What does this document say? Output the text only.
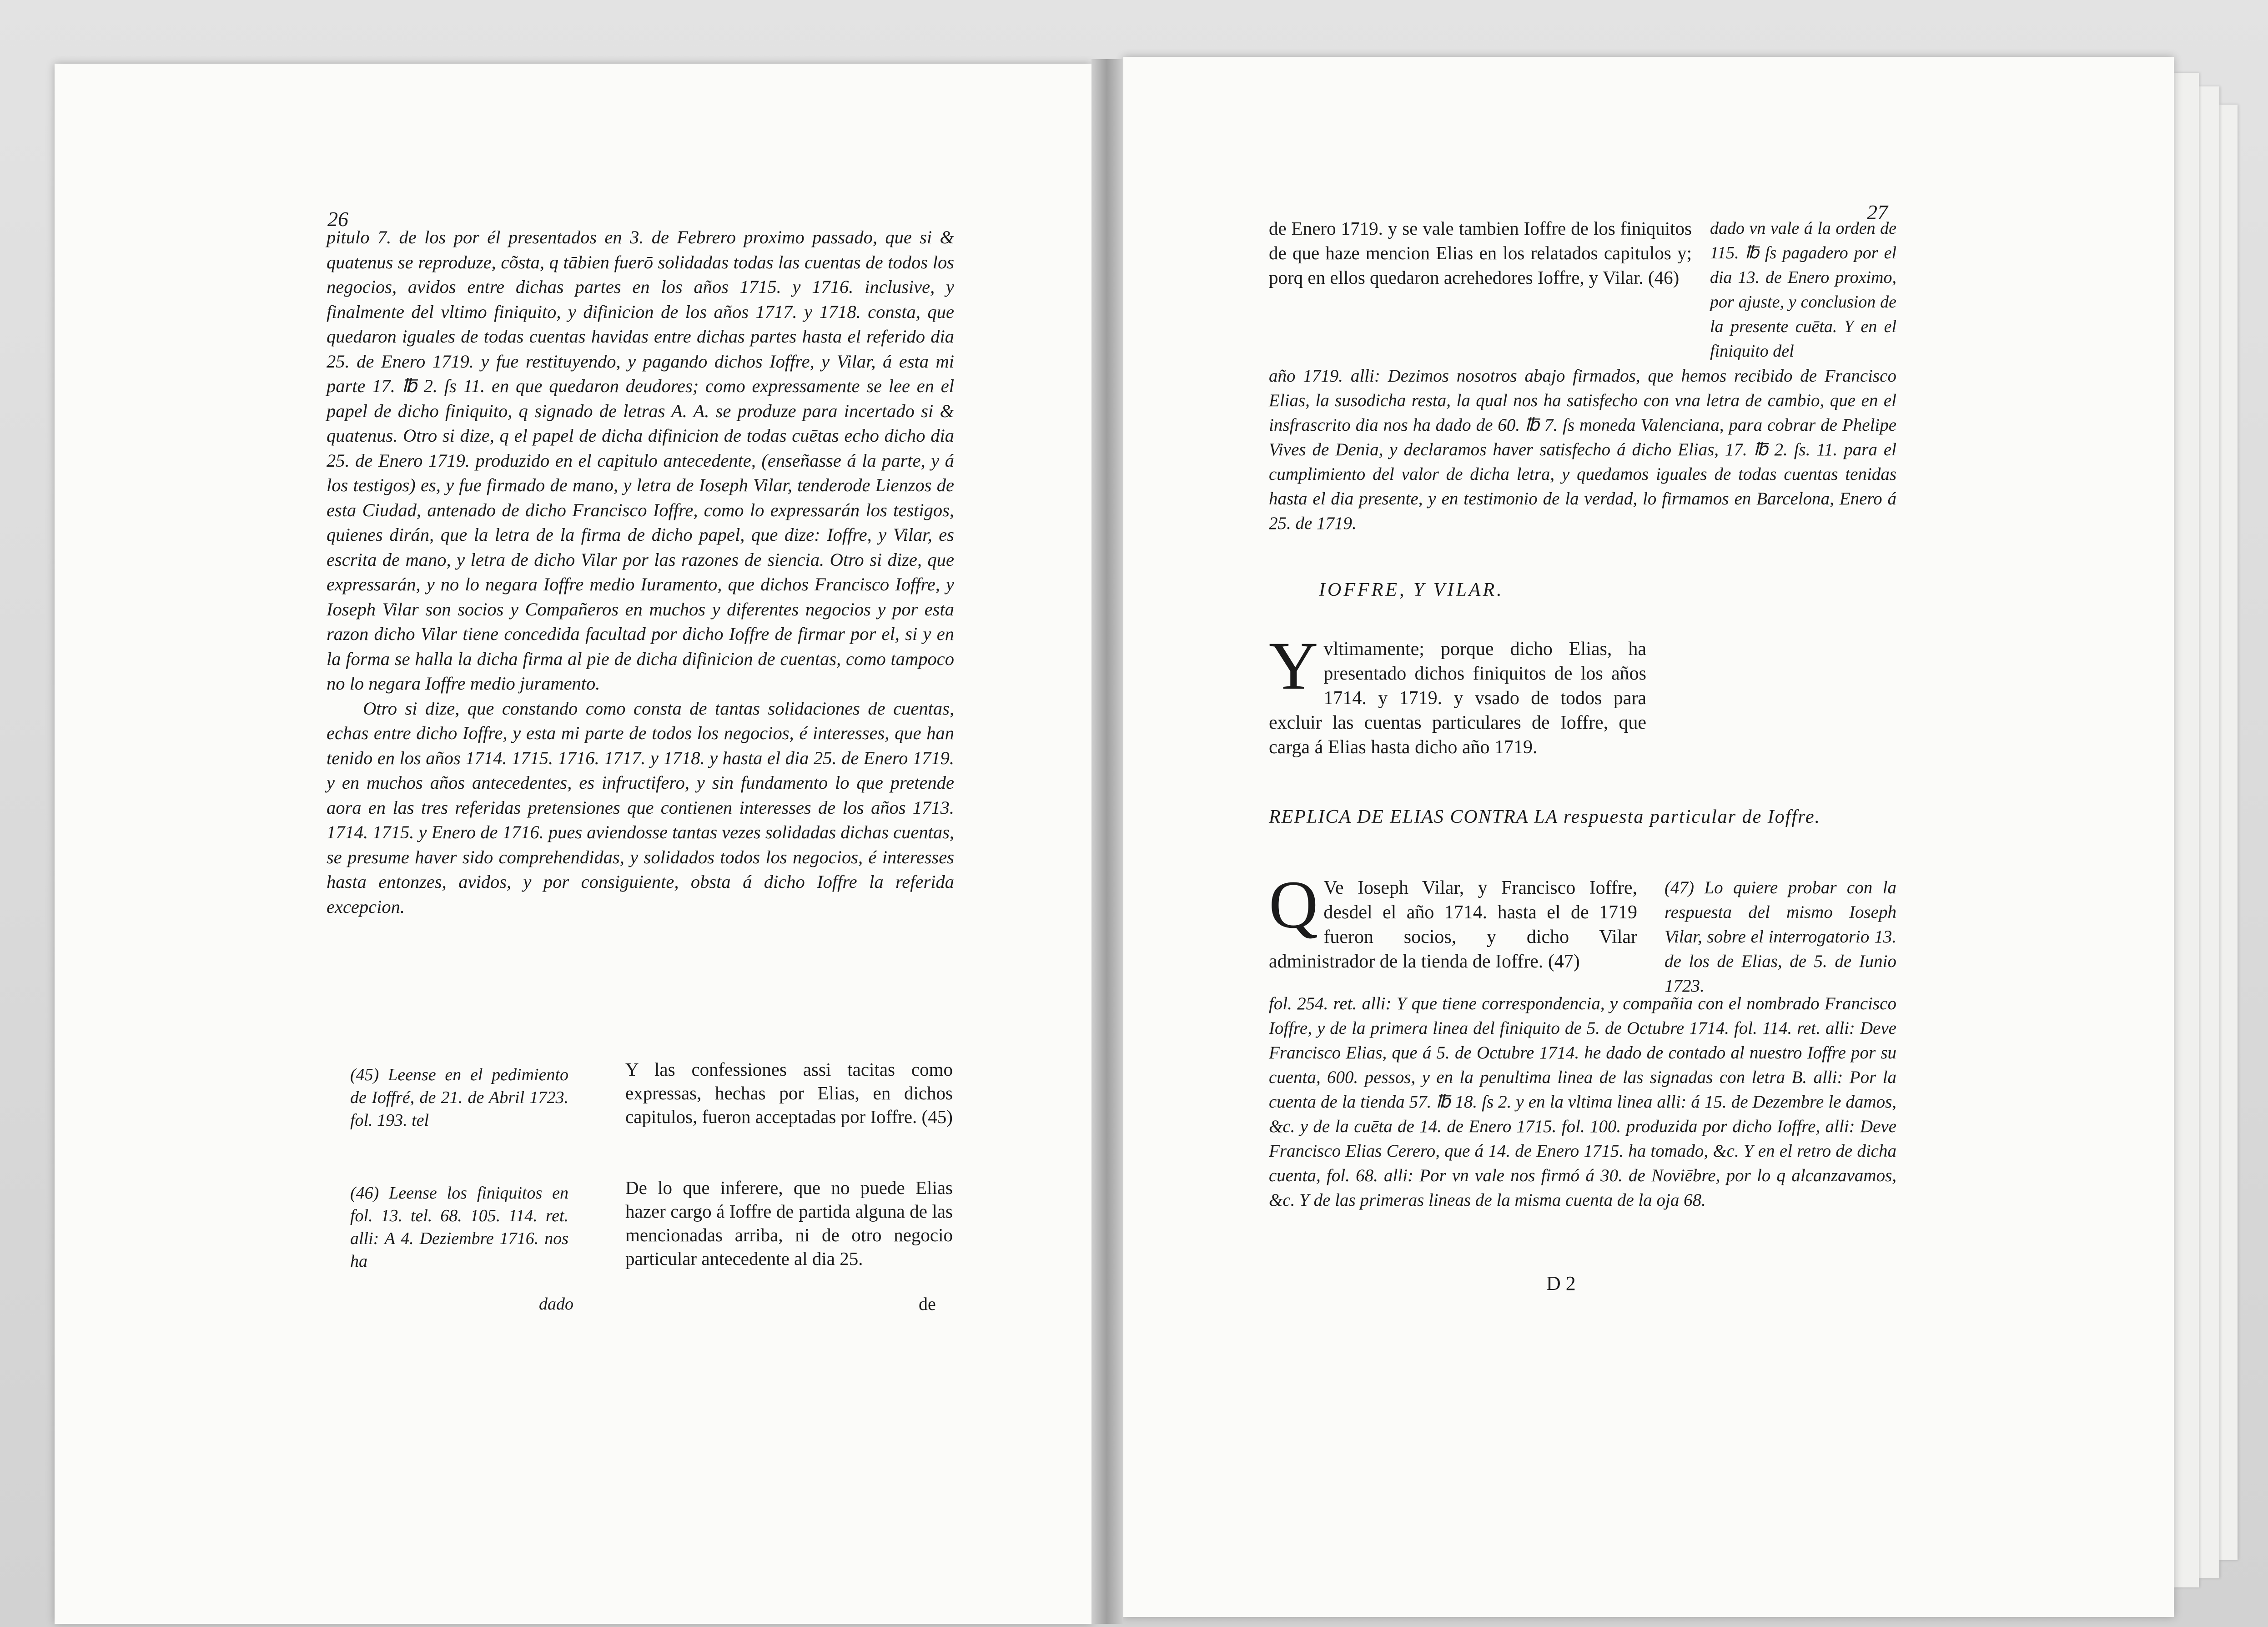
26

pitulo 7. de los por él presentados en 3. de Febrero proximo passado, que si & quatenus se reproduze, cõsta, q tābien fuerō solidadas todas las cuentas de todos los negocios, avidos entre dichas partes en los años 1715. y 1716. inclusive, y finalmente del vltimo finiquito, y difinicion de los años 1717. y 1718. consta, que quedaron iguales de todas cuentas havidas entre dichas partes hasta el referido dia 25. de Enero 1719. y fue restituyendo, y pagando dichos Ioffre, y Vilar, á esta mi parte 17. ℔ 2. ſs 11. en que quedaron deudores; como expressamente se lee en el papel de dicho finiquito, q signado de letras A. A. se produze para incertado si & quatenus. Otro si dize, q el papel de dicha difinicion de todas cuētas echo dicho dia 25. de Enero 1719. produzido en el capitulo antecedente, (enseñasse á la parte, y á los testigos) es, y fue firmado de mano, y letra de Ioseph Vilar, tenderode Lienzos de esta Ciudad, antenado de dicho Francisco Ioffre, como lo expressarán los testigos, quienes dirán, que la letra de la firma de dicho papel, que dize: Ioffre, y Vilar, es escrita de mano, y letra de dicho Vilar por las razones de siencia. Otro si dize, que expressarán, y no lo negara Ioffre medio Iuramento, que dichos Francisco Ioffre, y Ioseph Vilar son socios y Compañeros en muchos y diferentes negocios y por esta razon dicho Vilar tiene concedida facultad por dicho Ioffre de firmar por el, si y en la forma se halla la dicha firma al pie de dicha difinicion de cuentas, como tampoco no lo negara Ioffre medio juramento.

Otro si dize, que constando como consta de tantas solidaciones de cuentas, echas entre dicho Ioffre, y esta mi parte de todos los negocios, é interesses, que han tenido en los años 1714. 1715. 1716. 1717. y 1718. y hasta el dia 25. de Enero 1719. y en muchos años antecedentes, es infructifero, y sin fundamento lo que pretende aora en las tres referidas pretensiones que contienen interesses de los años 1713. 1714. 1715. y Enero de 1716. pues aviendosse tantas vezes solidadas dichas cuentas, se presume haver sido comprehendidas, y solidados todos los negocios, é interesses hasta entonzes, avidos, y por consiguiente, obsta á dicho Ioffre la referida excepcion.

(45) Leense en el pedimiento de Ioffré, de 21. de Abril 1723. fol. 193. tel
Y las confessiones assi tacitas como expressas, hechas por Elias, en dichos capitulos, fueron acceptadas por Ioffre. (45)
(46) Leense los finiquitos en fol. 13. tel. 68. 105. 114. ret. alli: A 4. Deziembre 1716. nos ha
De lo que inferere, que no puede Elias hazer cargo á Ioffre de partida alguna de las mencionadas arriba, ni de otro negocio particular antecedente al dia 25.
dado	de
27
de Enero 1719. y se vale tambien Ioffre de los finiquitos de que haze mencion Elias en los relatados capitulos y; porq en ellos quedaron acrehedores Ioffre, y Vilar. (46)
dado vn vale á la orden de 115. ℔ ſs pagadero por el dia 13. de Enero proximo, por ajuste, y conclusion de la presente cuēta. Y en el finiquito del
año 1719. alli: Dezimos nosotros abajo firmados, que hemos recibido de Francisco Elias, la susodicha resta, la qual nos ha satisfecho con vna letra de cambio, que en el insfrascrito dia nos ha dado de 60. ℔ 7. ſs moneda Valenciana, para cobrar de Phelipe Vives de Denia, y declaramos haver satisfecho á dicho Elias, 17. ℔ 2. ſs. 11. para el cumplimiento del valor de dicha letra, y quedamos iguales de todas cuentas tenidas hasta el dia presente, y en testimonio de la verdad, lo firmamos en Barcelona, Enero á 25. de 1719.
IOFFRE, Y VILAR.
Yvltimamente; porque dicho Elias, ha presentado dichos finiquitos de los años 1714. y 1719. y vsado de todos para excluir las cuentas particulares de Ioffre, que carga á Elias hasta dicho año 1719.
REPLICA DE ELIAS CONTRA LA respuesta particular de Ioffre.
Q Ve Ioseph Vilar, y Francisco Ioffre, desdel el año 1714. hasta el de 1719 fueron socios, y dicho Vilar administrador de la tienda de Ioffre. (47)
(47) Lo quiere probar con la respuesta del mismo Ioseph Vilar, sobre el interrogatorio 13. de los de Elias, de 5. de Iunio 1723.
fol. 254. ret. alli: Y que tiene correspondencia, y compañia con el nombrado Francisco Ioffre, y de la primera linea del finiquito de 5. de Octubre 1714. fol. 114. ret. alli: Deve Francisco Elias, que á 5. de Octubre 1714. he dado de contado al nuestro Ioffre por su cuenta, 600. pessos, y en la penultima linea de las signadas con letra B. alli: Por la cuenta de la tienda 57. ℔ 18. ſs 2. y en la vltima linea alli: á 15. de Dezembre le damos, &c. y de la cuēta de 14. de Enero 1715. fol. 100. produzida por dicho Ioffre, alli: Deve Francisco Elias Cerero, que á 14. de Enero 1715. ha tomado, &c. Y en el retro de dicha cuenta, fol. 68. alli: Por vn vale nos firmó á 30. de Noviēbre, por lo q alcanzavamos, &c. Y de las primeras lineas de la misma cuenta de la oja 68.
D 2
